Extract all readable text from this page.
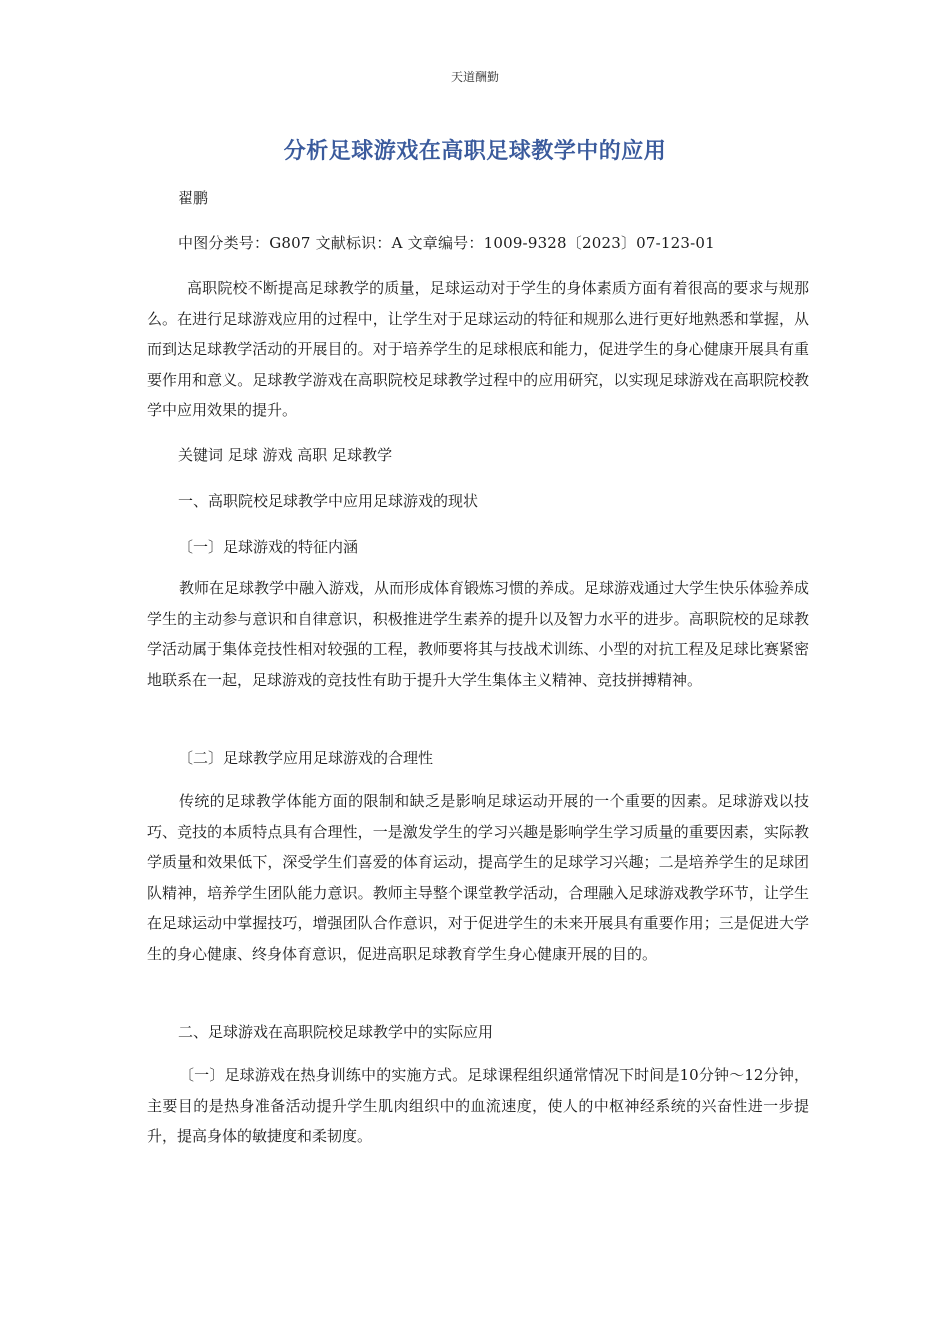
天道酬勤
分析足球游戏在高职足球教学中的应用
翟鹏
中图分类号：G807 文献标识：A 文章编号：1009-9328〔2023〕07-123-01

高职院校不断提高足球教学的质量，足球运动对于学生的身体素质方面有着很高的要求与规那么。在进行足球游戏应用的过程中，让学生对于足球运动的特征和规那么进行更好地熟悉和掌握，从而到达足球教学活动的开展目的。对于培养学生的足球根底和能力，促进学生的身心健康开展具有重要作用和意义。足球教学游戏在高职院校足球教学过程中的应用研究，以实现足球游戏在高职院校教学中应用效果的提升。

关键词 足球 游戏 高职 足球教学
一、高职院校足球教学中应用足球游戏的现状
〔一〕足球游戏的特征内涵

教师在足球教学中融入游戏，从而形成体育锻炼习惯的养成。足球游戏通过大学生快乐体验养成学生的主动参与意识和自律意识，积极推进学生素养的提升以及智力水平的进步。高职院校的足球教学活动属于集体竞技性相对较强的工程，教师要将其与技战术训练、小型的对抗工程及足球比赛紧密地联系在一起，足球游戏的竞技性有助于提升大学生集体主义精神、竞技拼搏精神。

〔二〕足球教学应用足球游戏的合理性

传统的足球教学体能方面的限制和缺乏是影响足球运动开展的一个重要的因素。足球游戏以技巧、竞技的本质特点具有合理性，一是激发学生的学习兴趣是影响学生学习质量的重要因素，实际教学质量和效果低下，深受学生们喜爱的体育运动，提高学生的足球学习兴趣；二是培养学生的足球团队精神，培养学生团队能力意识。教师主导整个课堂教学活动，合理融入足球游戏教学环节，让学生在足球运动中掌握技巧，增强团队合作意识，对于促进学生的未来开展具有重要作用；三是促进大学生的身心健康、终身体育意识，促进高职足球教育学生身心健康开展的目的。

二、足球游戏在高职院校足球教学中的实际应用

〔一〕足球游戏在热身训练中的实施方式。足球课程组织通常情况下时间是10分钟～12分钟，主要目的是热身准备活动提升学生肌肉组织中的血流速度，使人的中枢神经系统的兴奋性进一步提升，提高身体的敏捷度和柔韧度。
